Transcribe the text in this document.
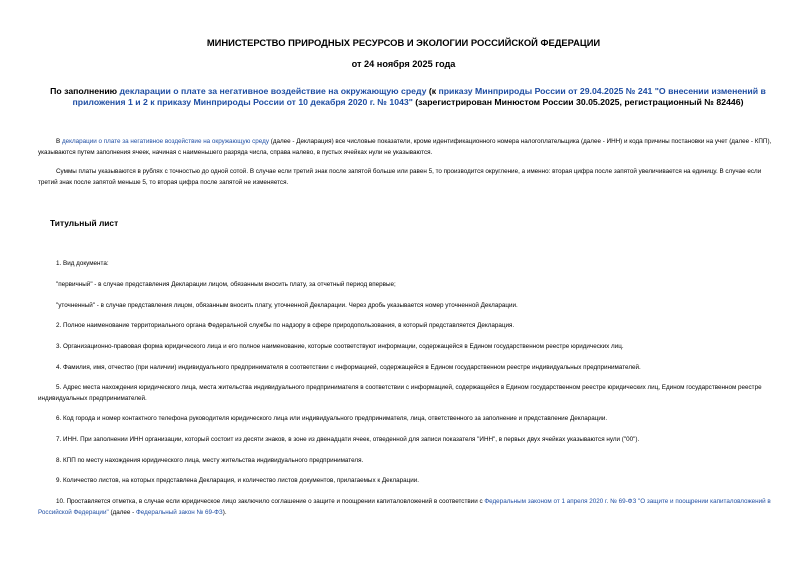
МИНИСТЕРСТВО ПРИРОДНЫХ РЕСУРСОВ И ЭКОЛОГИИ РОССИЙСКОЙ ФЕДЕРАЦИИ
от 24 ноября 2025 года
По заполнению декларации о плате за негативное воздействие на окружающую среду (к приказу Минприроды России от 29.04.2025 № 241 "О внесении изменений в приложения 1 и 2 к приказу Минприроды России от 10 декабря 2020 г. № 1043" (зарегистрирован Минюстом России 30.05.2025, регистрационный № 82446)

В декларации о плате за негативное воздействие на окружающую среду (далее - Декларация) все числовые показатели, кроме идентификационного номера налогоплательщика (далее - ИНН) и кода причины постановки на учет (далее - КПП), указываются путем заполнения ячеек, начиная с наименьшего разряда числа, справа налево, в пустых ячейках нули не указываются.

Суммы платы указываются в рублях с точностью до одной сотой. В случае если третий знак после запятой больше или равен 5, то производится округление, а именно: вторая цифра после запятой увеличивается на единицу. В случае если третий знак после запятой меньше 5, то вторая цифра после запятой не изменяется.

Титульный лист

1. Вид документа:

"первичный" - в случае представления Декларации лицом, обязанным вносить плату, за отчетный период впервые;

"уточненный" - в случае представления лицом, обязанным вносить плату, уточненной Декларации. Через дробь указывается номер уточненной Декларации.

2. Полное наименование территориального органа Федеральной службы по надзору в сфере природопользования, в который представляется Декларация.

3. Организационно-правовая форма юридического лица и его полное наименование, которые соответствуют информации, содержащейся в Едином государственном реестре юридических лиц.

4. Фамилия, имя, отчество (при наличии) индивидуального предпринимателя в соответствии с информацией, содержащейся в Едином государственном реестре индивидуальных предпринимателей.

5. Адрес места нахождения юридического лица, места жительства индивидуального предпринимателя в соответствии с информацией, содержащейся в Едином государственном реестре юридических лиц, Едином государственном реестре индивидуальных предпринимателей.

6. Код города и номер контактного телефона руководителя юридического лица или индивидуального предпринимателя, лица, ответственного за заполнение и представление Декларации.

7. ИНН. При заполнении ИНН организации, который состоит из десяти знаков, в зоне из двенадцати ячеек, отведенной для записи показателя "ИНН", в первых двух ячейках указываются нули ("00").

8. КПП по месту нахождения юридического лица, месту жительства индивидуального предпринимателя.

9. Количество листов, на которых представлена Декларация, и количество листов документов, прилагаемых к Декларации.

10. Проставляется отметка, в случае если юридическое лицо заключило соглашение о защите и поощрении капиталовложений в соответствии с Федеральным законом от 1 апреля 2020 г. № 69-ФЗ "О защите и поощрении капиталовложений в Российской Федерации" (далее - Федеральный закон № 69-ФЗ).
